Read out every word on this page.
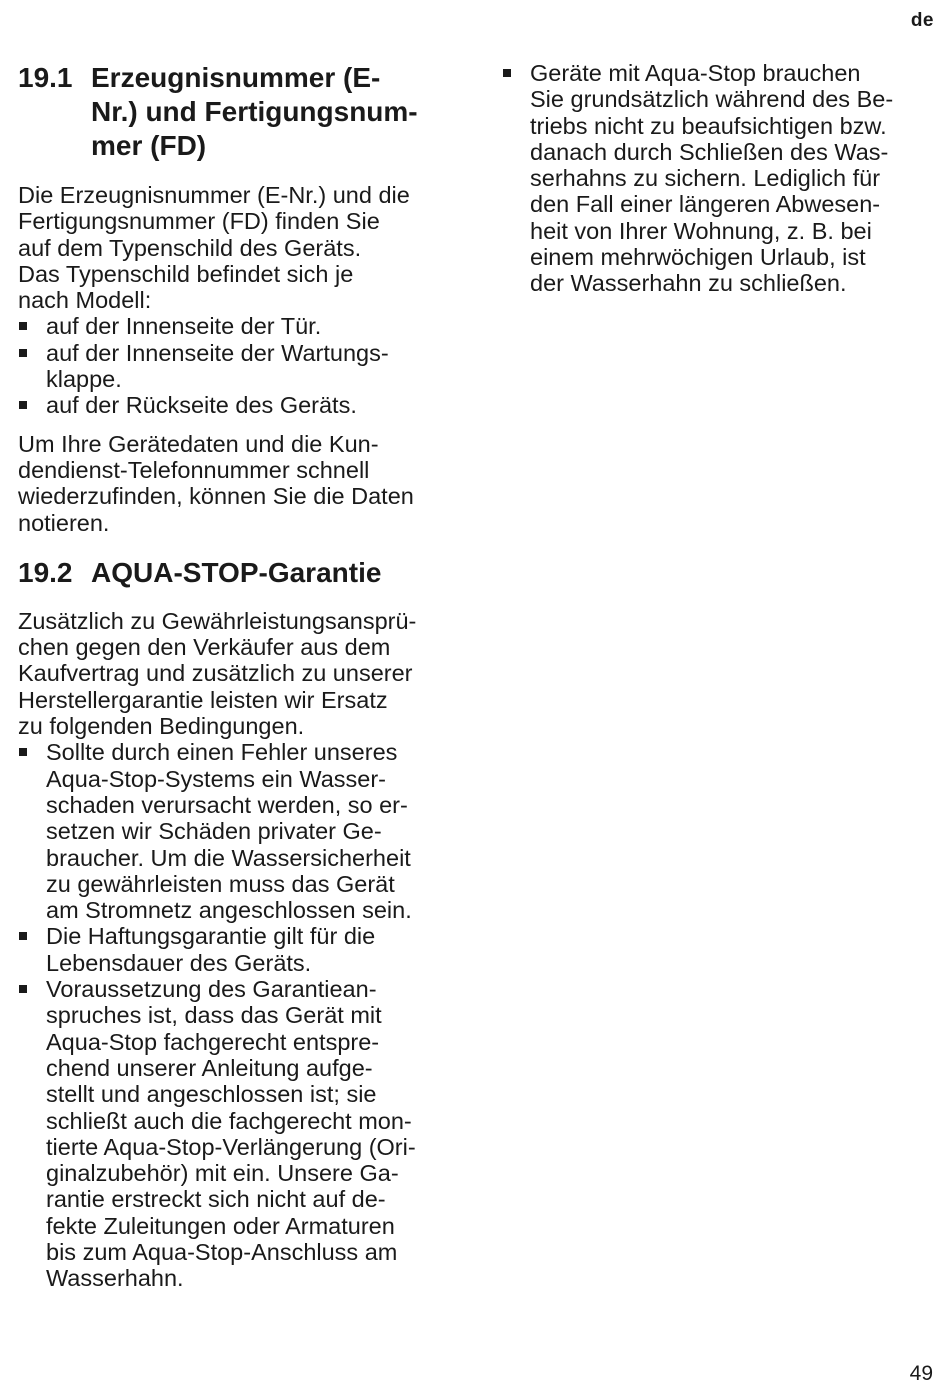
de
19.1 Erzeugnisnummer (E-
Nr.) und Fertigungsnum-
mer (FD)

Die Erzeugnisnummer (E-Nr.) und die
Fertigungsnummer (FD) finden Sie
auf dem Typenschild des Geräts.
Das Typenschild befindet sich je
nach Modell:

auf der Innenseite der Tür.
auf der Innenseite der Wartungs-
klappe.
auf der Rückseite des Geräts.

Um Ihre Gerätedaten und die Kun-
dendienst-Telefonnummer schnell
wiederzufinden, können Sie die Daten
notieren.

19.2 AQUA-STOP-Garantie

Zusätzlich zu Gewährleistungsansprü-
chen gegen den Verkäufer aus dem
Kaufvertrag und zusätzlich zu unserer
Herstellergarantie leisten wir Ersatz
zu folgenden Bedingungen.

Sollte durch einen Fehler unseres
Aqua-Stop-Systems ein Wasser-
schaden verursacht werden, so er-
setzen wir Schäden privater Ge-
braucher. Um die Wassersicherheit
zu gewährleisten muss das Gerät
am Stromnetz angeschlossen sein.
Die Haftungsgarantie gilt für die
Lebensdauer des Geräts.
Voraussetzung des Garantiean-
spruches ist, dass das Gerät mit
Aqua-Stop fachgerecht entspre-
chend unserer Anleitung aufge-
stellt und angeschlossen ist; sie
schließt auch die fachgerecht mon-
tierte Aqua-Stop-Verlängerung (Ori-
ginalzubehör) mit ein. Unsere Ga-
rantie erstreckt sich nicht auf de-
fekte Zuleitungen oder Armaturen
bis zum Aqua-Stop-Anschluss am
Wasserhahn.
Geräte mit Aqua-Stop brauchen
Sie grundsätzlich während des Be-
triebs nicht zu beaufsichtigen bzw.
danach durch Schließen des Was-
serhahns zu sichern. Lediglich für
den Fall einer längeren Abwesen-
heit von Ihrer Wohnung, z. B. bei
einem mehrwöchigen Urlaub, ist
der Wasserhahn zu schließen.
49
